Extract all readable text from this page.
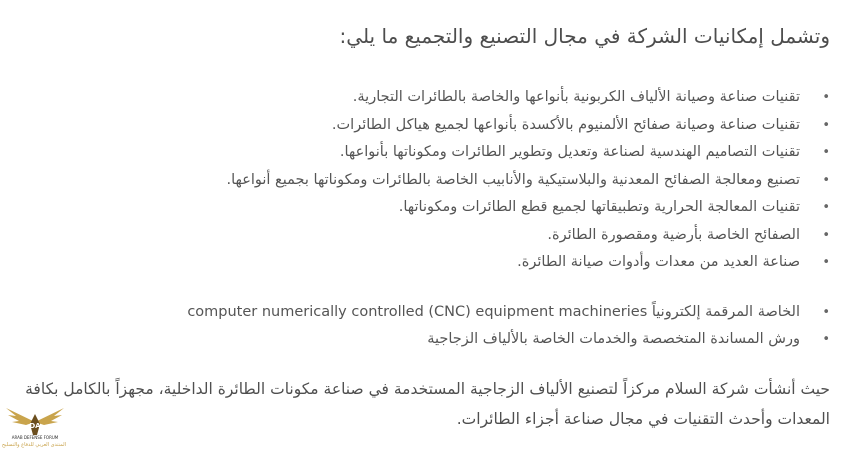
وتشمل إمكانيات الشركة في مجال التصنيع والتجميع ما يلي:
• تقنيات صناعة وصيانة الألياف الكربونية بأنواعها والخاصة بالطائرات التجارية.
• تقنيات صناعة وصيانة صفائح الألمنيوم بالأكسدة بأنواعها لجميع هياكل الطائرات.
• تقنيات التصاميم الهندسية لصناعة وتعديل وتطوير الطائرات ومكوناتها بأنواعها.
• تصنيع ومعالجة الصفائح المعدنية والبلاستيكية والأنابيب الخاصة بالطائرات ومكوناتها بجميع أنواعها.
• تقنيات المعالجة الحرارية وتطبيقاتها لجميع قطع الطائرات ومكوناتها.
• الصفائح الخاصة بأرضية ومقصورة الطائرة.
• صناعة العديد من معدات وأدوات صيانة الطائرة.
• الخاصة المرقمة إلكترونياً computer numerically controlled (CNC) equipment machineries
• ورش المساندة المتخصصة والخدمات الخاصة بالألياف الزجاجية

حيث أنشأت شركة السلام مركزاً لتصنيع الألياف الزجاجية المستخدمة في صناعة مكونات الطائرة الداخلية، مجهزاً بالكامل بكافة
المعدات وأحدث التقنيات في مجال صناعة أجزاء الطائرات.

DA
ARAB DEFENSE FORUM
المنتدى العربي للدفاع والتسليح
